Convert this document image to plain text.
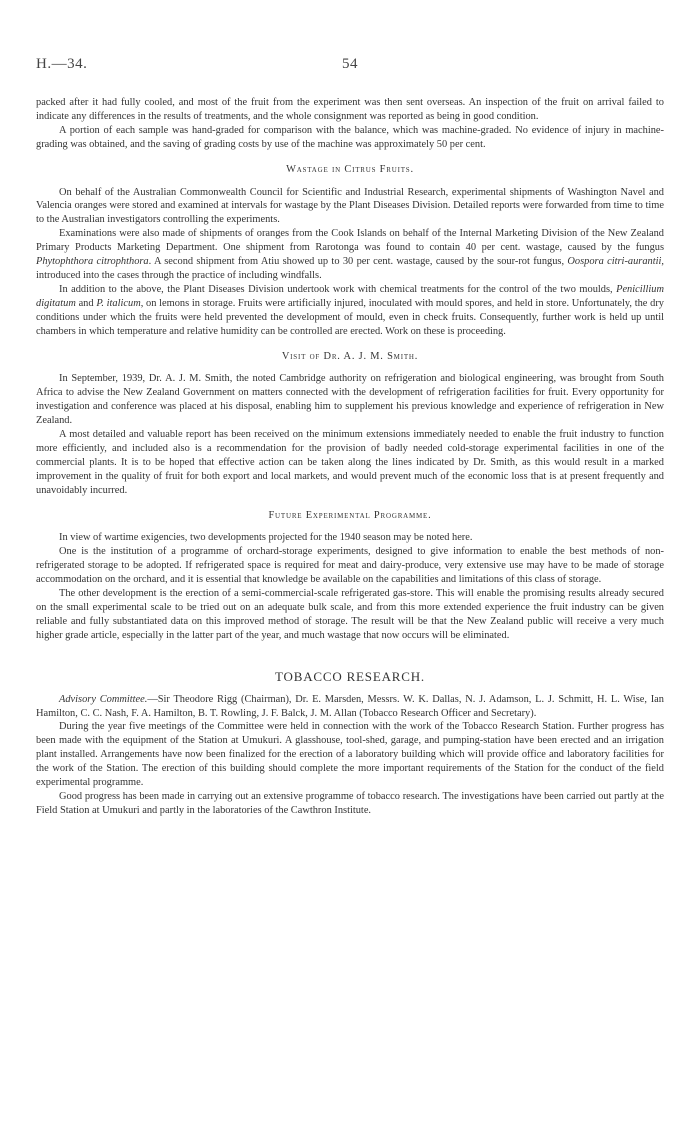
H.—34.	54

packed after it had fully cooled, and most of the fruit from the experiment was then sent overseas. An inspection of the fruit on arrival failed to indicate any differences in the results of treatments, and the whole consignment was reported as being in good condition.

A portion of each sample was hand-graded for comparison with the balance, which was machine-graded. No evidence of injury in machine-grading was obtained, and the saving of grading costs by use of the machine was approximately 50 per cent.

Wastage in Citrus Fruits.

On behalf of the Australian Commonwealth Council for Scientific and Industrial Research, experimental shipments of Washington Navel and Valencia oranges were stored and examined at intervals for wastage by the Plant Diseases Division. Detailed reports were forwarded from time to time to the Australian investigators controlling the experiments.

Examinations were also made of shipments of oranges from the Cook Islands on behalf of the Internal Marketing Division of the New Zealand Primary Products Marketing Department. One shipment from Rarotonga was found to contain 40 per cent. wastage, caused by the fungus Phytophthora citrophthora. A second shipment from Atiu showed up to 30 per cent. wastage, caused by the sour-rot fungus, Oospora citri-aurantii, introduced into the cases through the practice of including windfalls.

In addition to the above, the Plant Diseases Division undertook work with chemical treatments for the control of the two moulds, Penicillium digitatum and P. italicum, on lemons in storage. Fruits were artificially injured, inoculated with mould spores, and held in store. Unfortunately, the dry conditions under which the fruits were held prevented the development of mould, even in check fruits. Consequently, further work is held up until chambers in which temperature and relative humidity can be controlled are erected. Work on these is proceeding.

Visit of Dr. A. J. M. Smith.

In September, 1939, Dr. A. J. M. Smith, the noted Cambridge authority on refrigeration and biological engineering, was brought from South Africa to advise the New Zealand Government on matters connected with the development of refrigeration facilities for fruit. Every opportunity for investigation and conference was placed at his disposal, enabling him to supplement his previous knowledge and experience of refrigeration in New Zealand.

A most detailed and valuable report has been received on the minimum extensions immediately needed to enable the fruit industry to function more efficiently, and included also is a recommendation for the provision of badly needed cold-storage experimental facilities in one of the commercial plants. It is to be hoped that effective action can be taken along the lines indicated by Dr. Smith, as this would result in a marked improvement in the quality of fruit for both export and local markets, and would prevent much of the economic loss that is at present frequently and unavoidably incurred.

Future Experimental Programme.

In view of wartime exigencies, two developments projected for the 1940 season may be noted here.

One is the institution of a programme of orchard-storage experiments, designed to give information to enable the best methods of non-refrigerated storage to be adopted. If refrigerated space is required for meat and dairy-produce, very extensive use may have to be made of storage accommodation on the orchard, and it is essential that knowledge be available on the capabilities and limitations of this class of storage.

The other development is the erection of a semi-commercial-scale refrigerated gas-store. This will enable the promising results already secured on the small experimental scale to be tried out on an adequate bulk scale, and from this more extended experience the fruit industry can be given reliable and fully substantiated data on this improved method of storage. The result will be that the New Zealand public will receive a very much higher grade article, especially in the latter part of the year, and much wastage that now occurs will be eliminated.

TOBACCO RESEARCH.

Advisory Committee.—Sir Theodore Rigg (Chairman), Dr. E. Marsden, Messrs. W. K. Dallas, N. J. Adamson, L. J. Schmitt, H. L. Wise, Ian Hamilton, C. C. Nash, F. A. Hamilton, B. T. Rowling, J. F. Balck, J. M. Allan (Tobacco Research Officer and Secretary).

During the year five meetings of the Committee were held in connection with the work of the Tobacco Research Station. Further progress has been made with the equipment of the Station at Umukuri. A glasshouse, tool-shed, garage, and pumping-station have been erected and an irrigation plant installed. Arrangements have now been finalized for the erection of a laboratory building which will provide office and laboratory facilities for the work of the Station. The erection of this building should complete the more important requirements of the Station for the conduct of the field experimental programme.

Good progress has been made in carrying out an extensive programme of tobacco research. The investigations have been carried out partly at the Field Station at Umukuri and partly in the laboratories of the Cawthron Institute.
